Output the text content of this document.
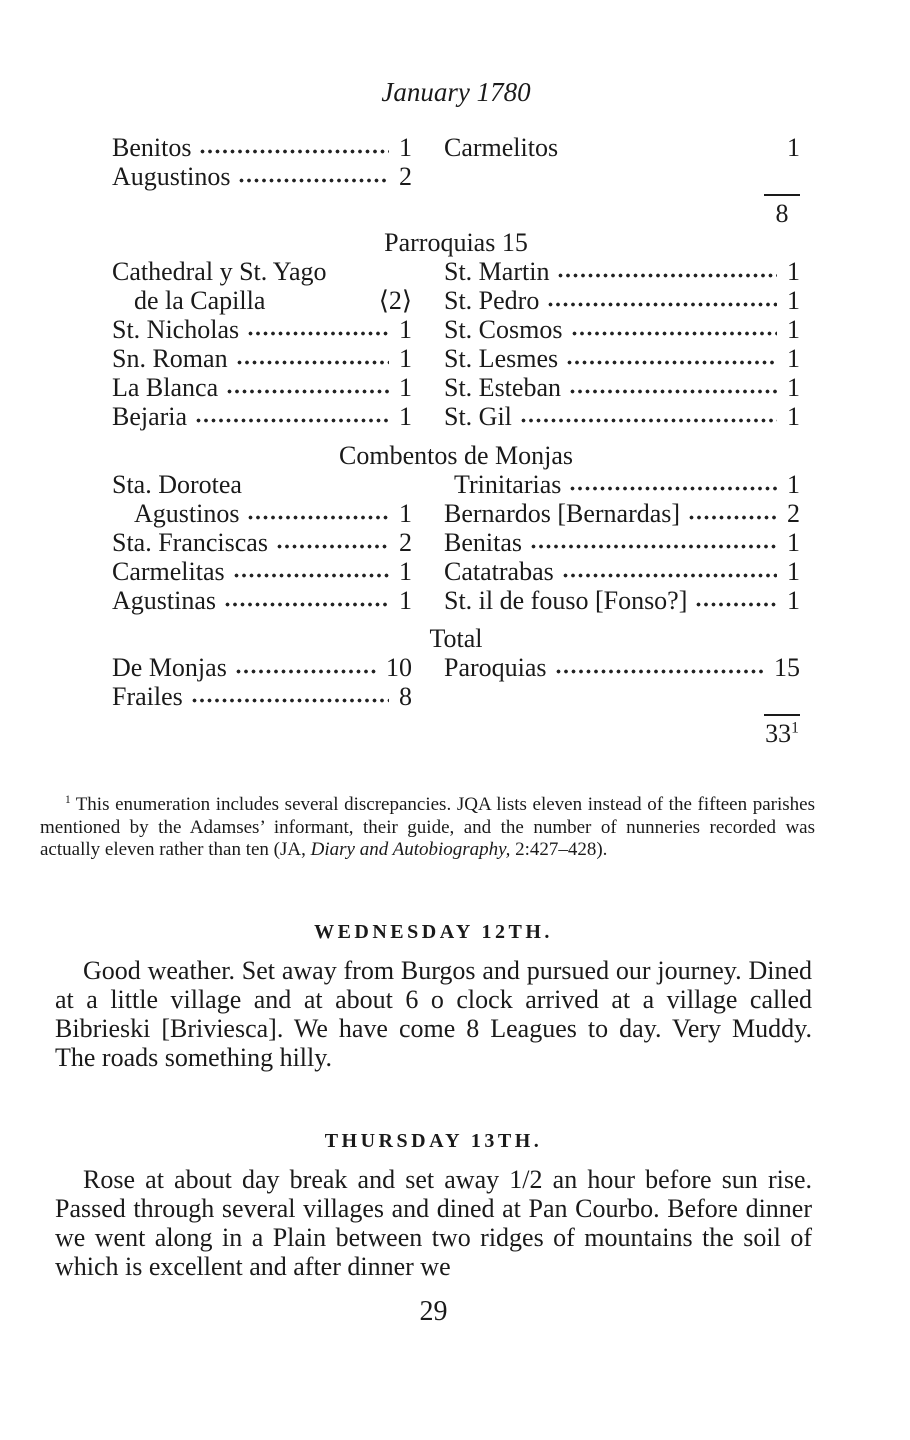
January 1780

Benitos	1 Carmelitos	1
Augustinos	2
8
Parroquias 15
Cathedral y St. Yago	St. Martin	1
de la Capilla	⟨2⟩ St. Pedro	1
St. Nicholas	1 St. Cosmos	1
Sn. Roman	1 St. Lesmes	1
La Blanca	1 St. Esteban	1
Bejaria	1 St. Gil	1
Combentos de Monjas
Sta. Dorotea	Trinitarias	1
Agustinos	1 Bernardos [Bernardas]	2
Sta. Franciscas	2 Benitas	1
Carmelitas	1 Catatrabas	1
Agustinas	1 St. il de fouso [Fonso?]	1
Total
De Monjas	10 Paroquias	15
Frailes	8
$33^1$

$^1$ This enumeration includes several discrepancies. JQA lists eleven instead of the fifteen parishes mentioned by the Adamses’ informant, their guide, and the number of nunneries recorded was actually eleven rather than ten (JA, Diary and Autobiography, 2:427–428).

WEDNESDAY 12TH.

Good weather. Set away from Burgos and pursued our journey. Dined at a little village and at about 6 o clock arrived at a village called Bibrieski [Briviesca]. We have come 8 Leagues to day. Very Muddy. The roads something hilly.

THURSDAY 13TH.

Rose at about day break and set away 1/2 an hour before sun rise. Passed through several villages and dined at Pan Courbo. Before dinner we went along in a Plain between two ridges of mountains the soil of which is excellent and after dinner we

29
